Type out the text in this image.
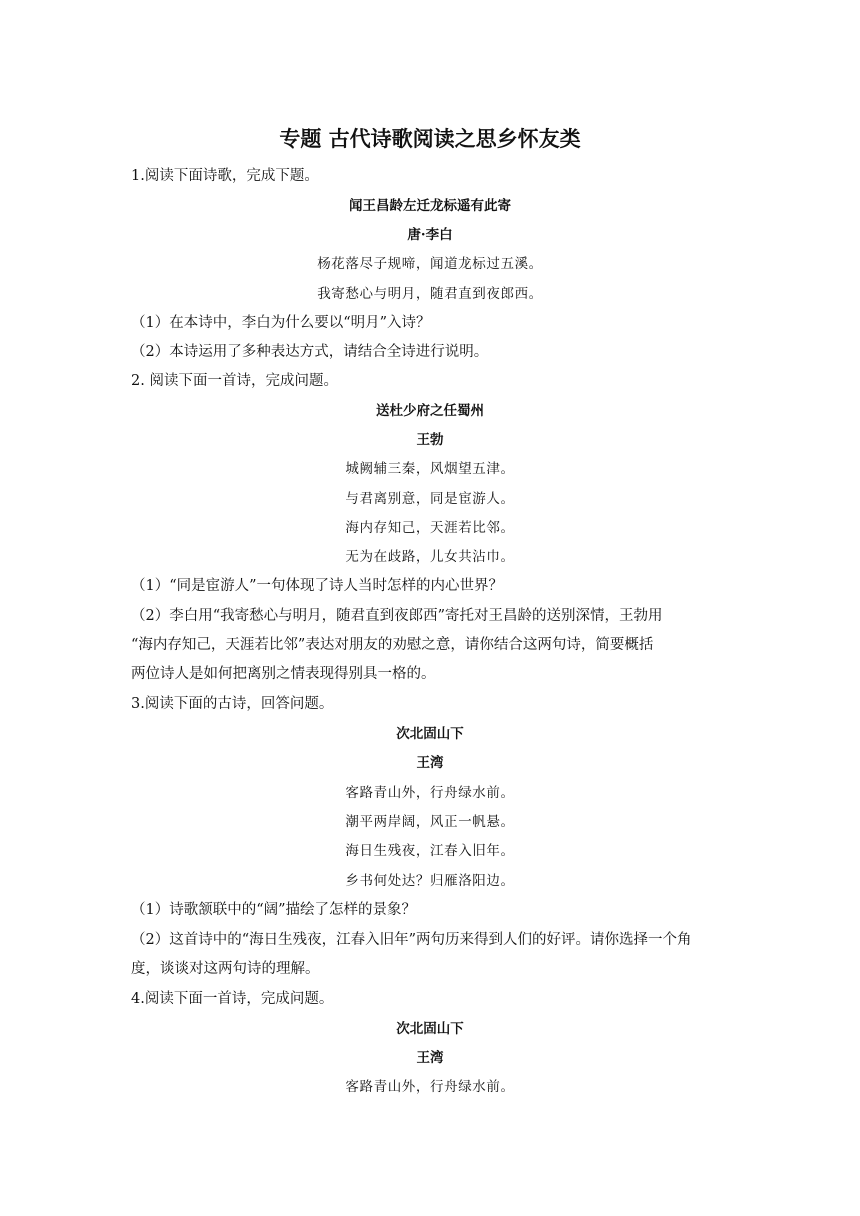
专题 古代诗歌阅读之思乡怀友类
1.阅读下面诗歌，完成下题。
闻王昌龄左迁龙标遥有此寄
唐·李白
杨花落尽子规啼，闻道龙标过五溪。
我寄愁心与明月，随君直到夜郎西。
（1）在本诗中，李白为什么要以“明月”入诗？
（2）本诗运用了多种表达方式，请结合全诗进行说明。
2. 阅读下面一首诗，完成问题。
送杜少府之任蜀州
王勃
城阙辅三秦，风烟望五津。
与君离别意，同是宦游人。
海内存知己，天涯若比邻。
无为在歧路，儿女共沾巾。
（1）“同是宦游人”一句体现了诗人当时怎样的内心世界？
（2）李白用“我寄愁心与明月，随君直到夜郎西”寄托对王昌龄的送别深情，王勃用
“海内存知己，天涯若比邻”表达对朋友的劝慰之意，请你结合这两句诗，简要概括
两位诗人是如何把离别之情表现得别具一格的。
3.阅读下面的古诗，回答问题。
次北固山下
王湾
客路青山外，行舟绿水前。
潮平两岸阔，风正一帆悬。
海日生残夜，江春入旧年。
乡书何处达？归雁洛阳边。
（1）诗歌颔联中的“阔”描绘了怎样的景象？
（2）这首诗中的“海日生残夜，江春入旧年”两句历来得到人们的好评。请你选择一个角
度，谈谈对这两句诗的理解。
4.阅读下面一首诗，完成问题。
次北固山下
王湾
客路青山外，行舟绿水前。
